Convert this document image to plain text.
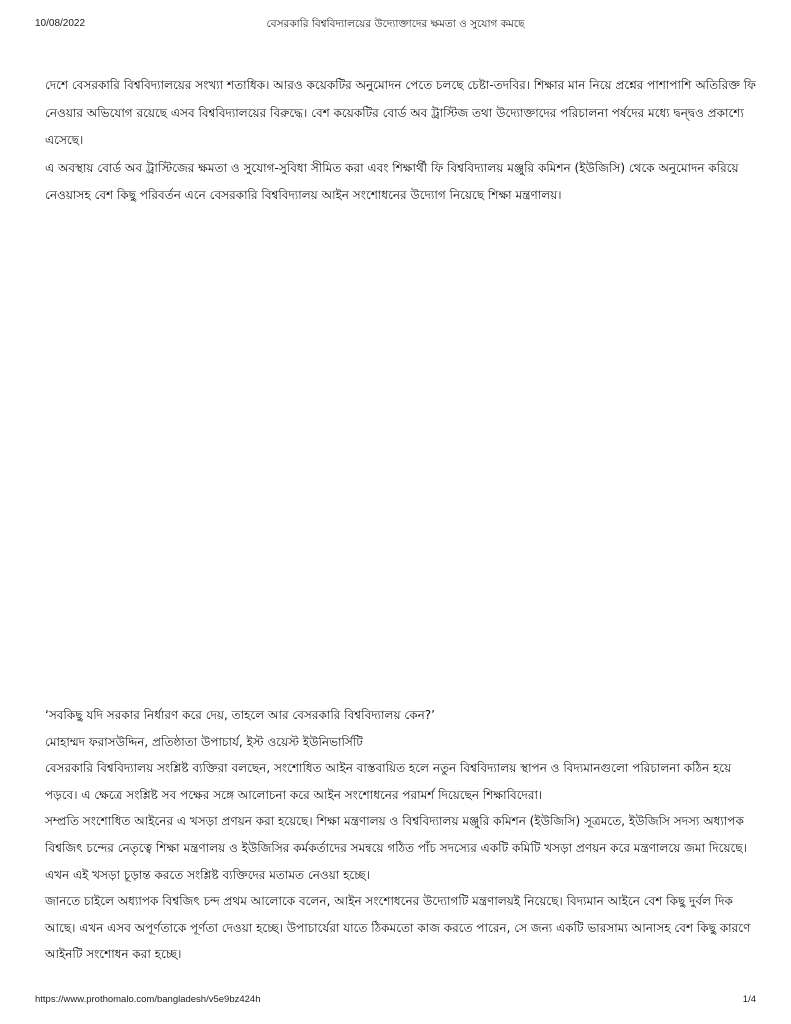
10/08/2022	বেসরকারি বিশ্ববিদ্যালয়ের উদ্যোক্তাদের ক্ষমতা ও সুযোগ কমছে

দেশে বেসরকারি বিশ্ববিদ্যালয়ের সংখ্যা শতাধিক। আরও কয়েকটির অনুমোদন পেতে চলছে চেষ্টা-তদবির। শিক্ষার মান নিয়ে প্রশ্নের পাশাপাশি অতিরিক্ত ফি নেওয়ার অভিযোগ রয়েছে এসব বিশ্ববিদ্যালয়ের বিরুদ্ধে। বেশ কয়েকটির বোর্ড অব ট্রাস্টিজ তথা উদ্যোক্তাদের পরিচালনা পর্ষদের মধ্যে দ্বন্দ্বও প্রকাশ্যে এসেছে।

এ অবস্থায় বোর্ড অব ট্রাস্টিজের ক্ষমতা ও সুযোগ-সুবিধা সীমিত করা এবং শিক্ষার্থী ফি বিশ্ববিদ্যালয় মঞ্জুরি কমিশন (ইউজিসি) থেকে অনুমোদন করিয়ে নেওয়াসহ বেশ কিছু পরিবর্তন এনে বেসরকারি বিশ্ববিদ্যালয় আইন সংশোধনের উদ্যোগ নিয়েছে শিক্ষা মন্ত্রণালয়।

‘সবকিছু যদি সরকার নির্ধারণ করে দেয়, তাহলে আর বেসরকারি বিশ্ববিদ্যালয় কেন?’

মোহাম্মদ ফরাসউদ্দিন, প্রতিষ্ঠাতা উপাচার্য, ইস্ট ওয়েস্ট ইউনিভার্সিটি

বেসরকারি বিশ্ববিদ্যালয় সংশ্লিষ্ট ব্যক্তিরা বলছেন, সংশোধিত আইন বাস্তবায়িত হলে নতুন বিশ্ববিদ্যালয় স্থাপন ও বিদ্যমানগুলো পরিচালনা কঠিন হয়ে পড়বে। এ ক্ষেত্রে সংশ্লিষ্ট সব পক্ষের সঙ্গে আলোচনা করে আইন সংশোধনের পরামর্শ দিয়েছেন শিক্ষাবিদেরা।

সম্প্রতি সংশোধিত আইনের এ খসড়া প্রণয়ন করা হয়েছে। শিক্ষা মন্ত্রণালয় ও বিশ্ববিদ্যালয় মঞ্জুরি কমিশন (ইউজিসি) সূত্রমতে, ইউজিসি সদস্য অধ্যাপক বিশ্বজিৎ চন্দের নেতৃত্বে শিক্ষা মন্ত্রণালয় ও ইউজিসির কর্মকর্তাদের সমন্বয়ে গঠিত পাঁচ সদস্যের একটি কমিটি খসড়া প্রণয়ন করে মন্ত্রণালয়ে জমা দিয়েছে। এখন এই খসড়া চূড়ান্ত করতে সংশ্লিষ্ট ব্যক্তিদের মতামত নেওয়া হচ্ছে।

জানতে চাইলে অধ্যাপক বিশ্বজিৎ চন্দ প্রথম আলোকে বলেন, আইন সংশোধনের উদ্যোগটি মন্ত্রণালয়ই নিয়েছে। বিদ্যমান আইনে বেশ কিছু দুর্বল দিক আছে। এখন এসব অপূর্ণতাকে পূর্ণতা দেওয়া হচ্ছে। উপাচার্যেরা যাতে ঠিকমতো কাজ করতে পারেন, সে জন্য একটি ভারসাম্য আনাসহ বেশ কিছু কারণে আইনটি সংশোধন করা হচ্ছে।

https://www.prothomalo.com/bangladesh/v5e9bz424h	1/4
